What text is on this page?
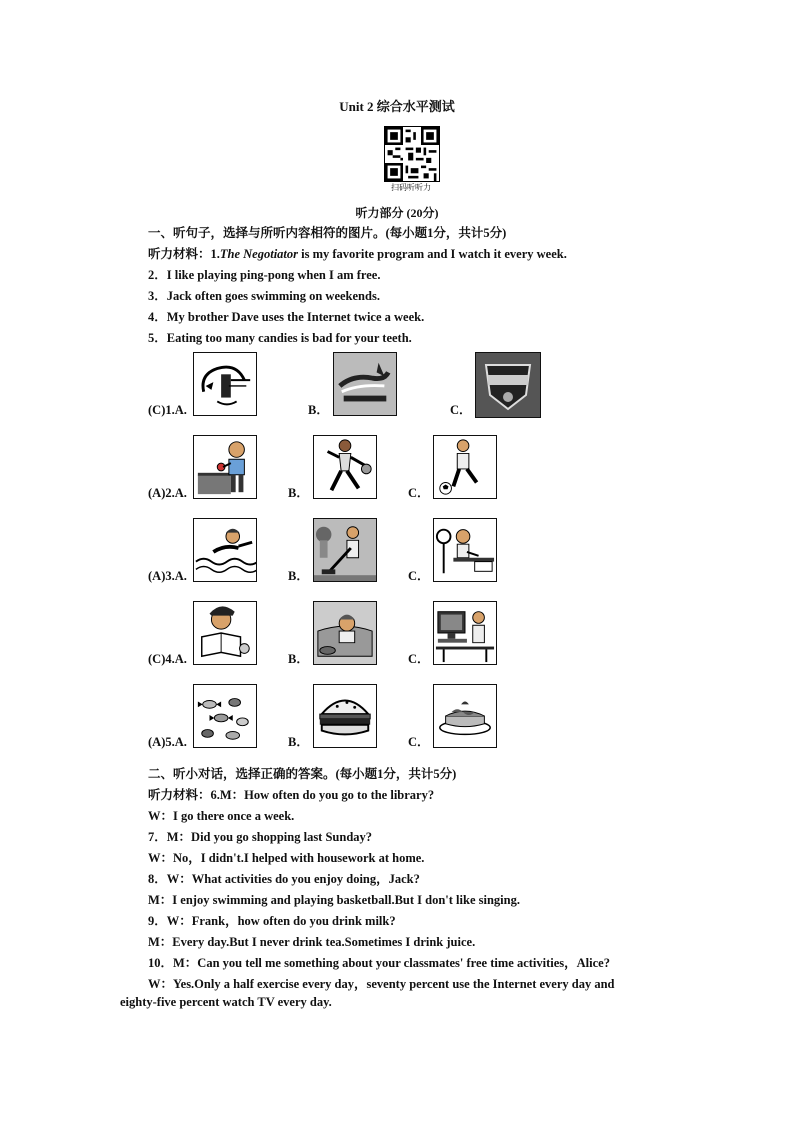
Unit 2 综合水平测试
扫码听听力
听力部分 (20分)
一、听句子，选择与所听内容相符的图片。(每小题1分，共计5分)
听力材料：1.The Negotiator is my favorite program and I watch it every week.
2．I like playing ping-pong when I am free.
3．Jack often goes swimming on weekends.
4．My brother Dave uses the Internet twice a week.
5．Eating too many candies is bad for your teeth.
(C)1.A.	B．	C．
(A)2.A.	B．	C．
(A)3.A.	B．	C．
(C)4.A.	B．	C．
(A)5.A.	B．	C．
二、听小对话，选择正确的答案。(每小题1分，共计5分)
听力材料：6.M：How often do you go to the library?
W：I go there once a week.
7．M：Did you go shopping last Sunday?
W：No，I didn't.I helped with housework at home.
8．W：What activities do you enjoy doing，Jack?
M：I enjoy swimming and playing basketball.But I don't like singing.
9．W：Frank，how often do you drink milk?
M：Every day.But I never drink tea.Sometimes I drink juice.
10．M：Can you tell me something about your classmates' free time activities，Alice?
W：Yes.Only a half exercise every day，seventy percent use the Internet every day and
eighty-five percent watch TV every day.
